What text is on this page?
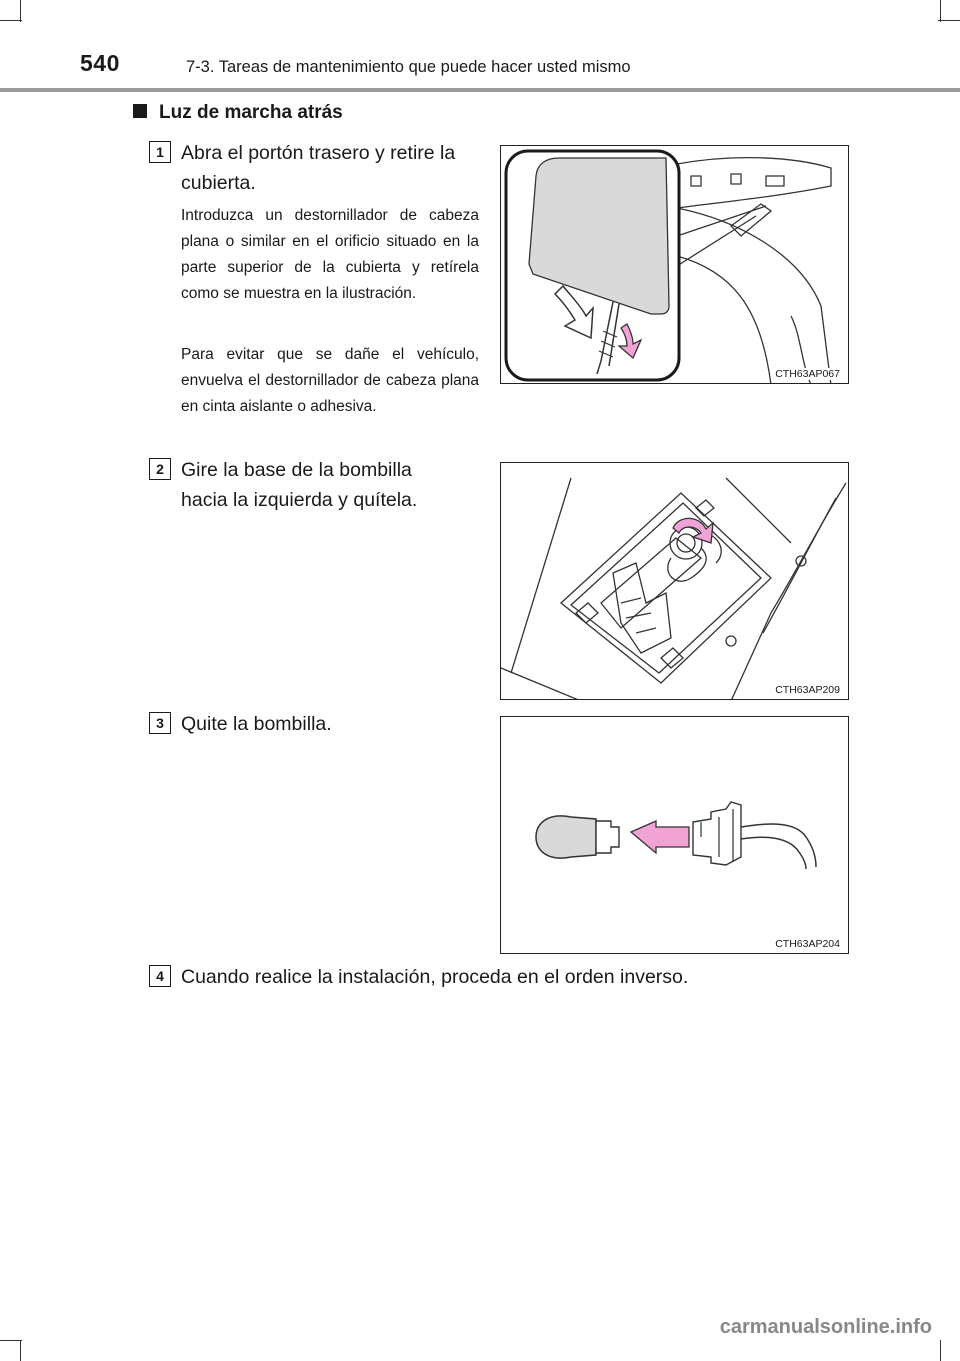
540	7-3. Tareas de mantenimiento que puede hacer usted mismo
Luz de marcha atrás
1 Abra el portón trasero y retire la
cubierta.
Introduzca un destornillador de cabeza plana o similar en el orificio situado en la parte superior de la cubierta y retírela como se muestra en la ilustración.
Para evitar que se dañe el vehículo, envuelva el destornillador de cabeza plana en cinta aislante o adhesiva.
CTH63AP067
2 Gire la base de la bombilla
hacia la izquierda y quítela.
CTH63AP209
3 Quite la bombilla.
CTH63AP204
4 Cuando realice la instalación, proceda en el orden inverso.
carmanualsonline.info
